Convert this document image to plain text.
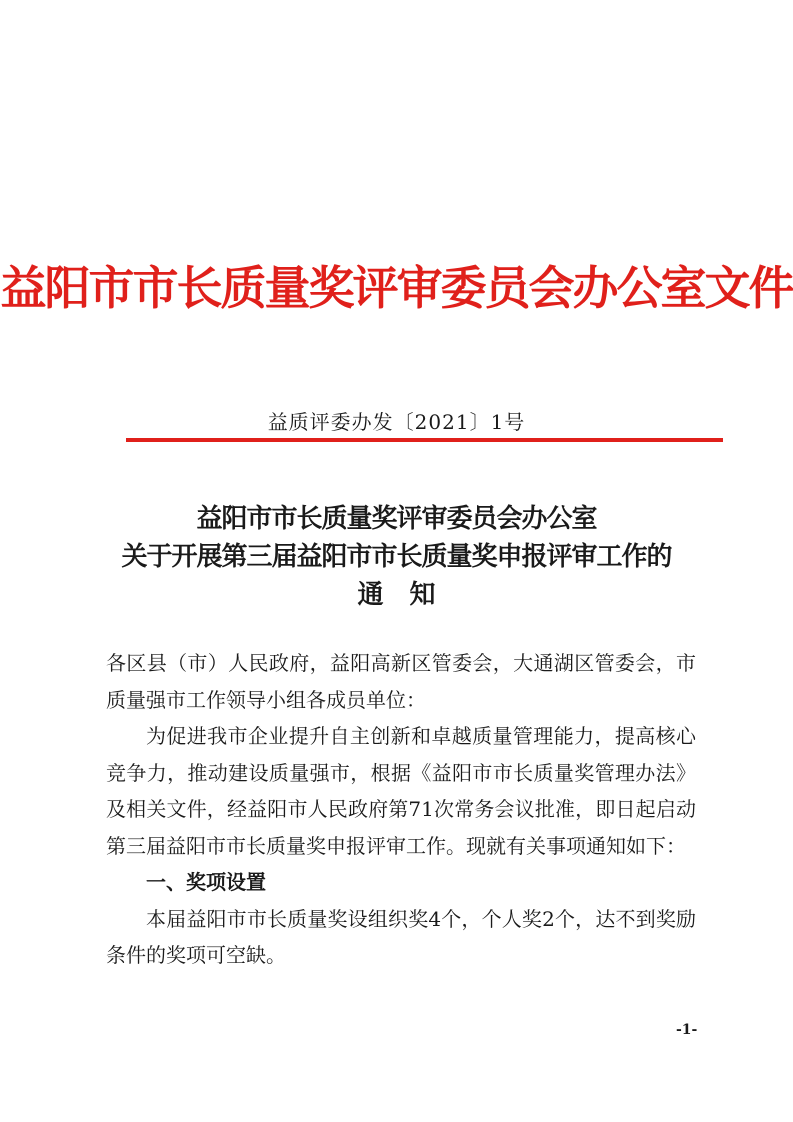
益阳市市长质量奖评审委员会办公室文件
益质评委办发〔2021〕1号
益阳市市长质量奖评审委员会办公室
关于开展第三届益阳市市长质量奖申报评审工作的
通知

各区县（市）人民政府，益阳高新区管委会，大通湖区管委会，市质量强市工作领导小组各成员单位：

为促进我市企业提升自主创新和卓越质量管理能力，提高核心竞争力，推动建设质量强市，根据《益阳市市长质量奖管理办法》及相关文件，经益阳市人民政府第71次常务会议批准，即日起启动第三届益阳市市长质量奖申报评审工作。现就有关事项通知如下：

一、奖项设置

本届益阳市市长质量奖设组织奖4个，个人奖2个，达不到奖励条件的奖项可空缺。

-1-
